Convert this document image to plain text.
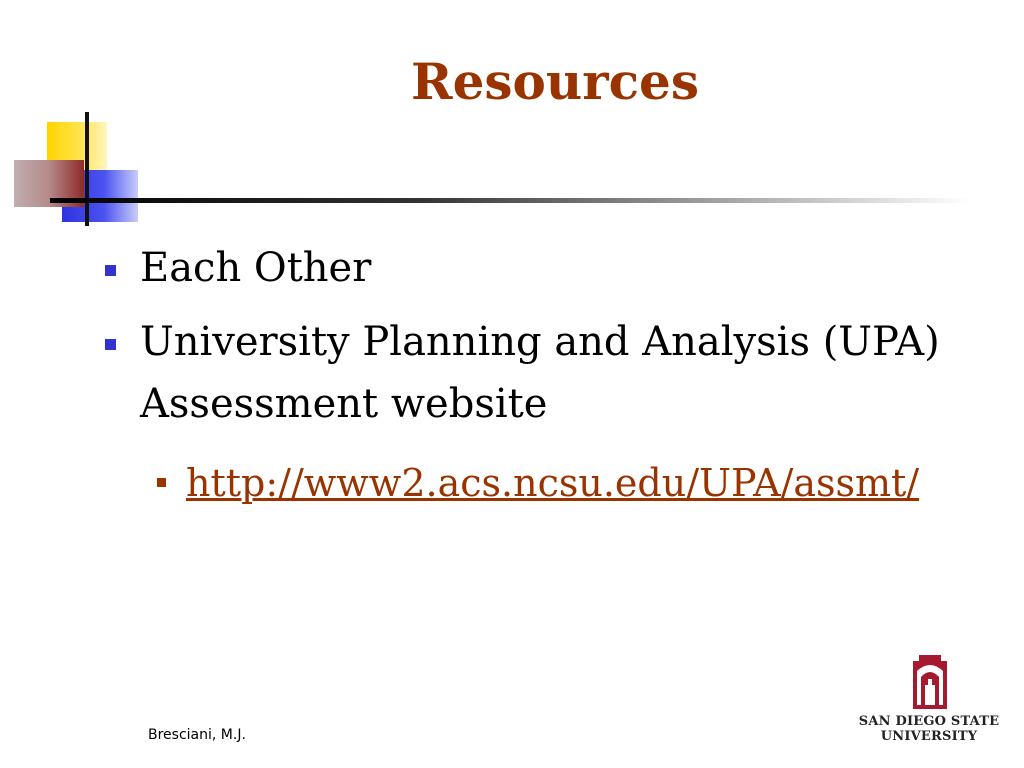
Resources
Each Other
University Planning and Analysis (UPA) Assessment website
http://www2.acs.ncsu.edu/UPA/assmt/
Bresciani, M.J.
SAN DIEGO STATE
UNIVERSITY
